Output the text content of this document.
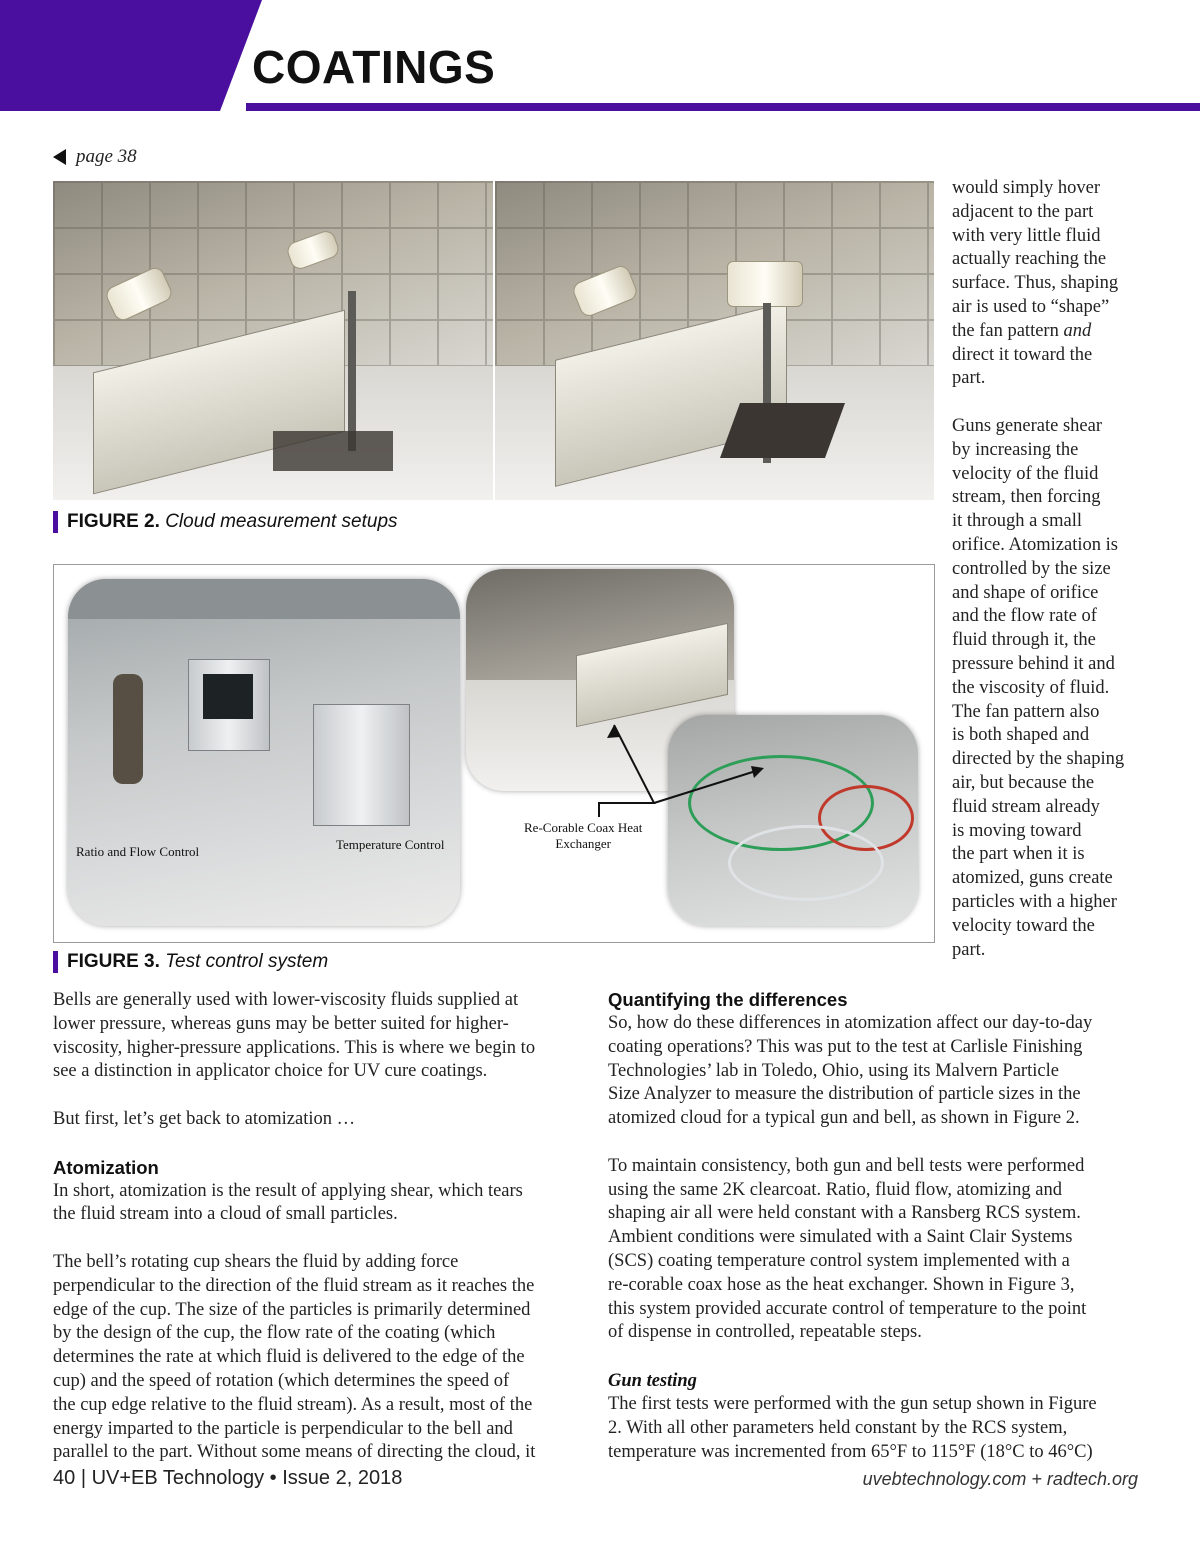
COATINGS
page 38
FIGURE 2. Cloud measurement setups
Ratio and Flow Control	Temperature Control
Re-Corable Coax Heat
Exchanger
FIGURE 3. Test control system

would simply hover
adjacent to the part
with very little fluid
actually reaching the
surface. Thus, shaping
air is used to “shape”
the fan pattern and
direct it toward the
part.

Guns generate shear
by increasing the
velocity of the fluid
stream, then forcing
it through a small
orifice. Atomization is
controlled by the size
and shape of orifice
and the flow rate of
fluid through it, the
pressure behind it and
the viscosity of fluid.
The fan pattern also
is both shaped and
directed by the shaping
air, but because the
fluid stream already
is moving toward
the part when it is
atomized, guns create
particles with a higher
velocity toward the
part.

Bells are generally used with lower-viscosity fluids supplied at
lower pressure, whereas guns may be better suited for higher-
viscosity, higher-pressure applications. This is where we begin to
see a distinction in applicator choice for UV cure coatings.

But first, let’s get back to atomization …

Atomization

In short, atomization is the result of applying shear, which tears
the fluid stream into a cloud of small particles.

The bell’s rotating cup shears the fluid by adding force
perpendicular to the direction of the fluid stream as it reaches the
edge of the cup. The size of the particles is primarily determined
by the design of the cup, the flow rate of the coating (which
determines the rate at which fluid is delivered to the edge of the
cup) and the speed of rotation (which determines the speed of
the cup edge relative to the fluid stream). As a result, most of the
energy imparted to the particle is perpendicular to the bell and
parallel to the part. Without some means of directing the cloud, it

Quantifying the differences

So, how do these differences in atomization affect our day-to-day
coating operations? This was put to the test at Carlisle Finishing
Technologies’ lab in Toledo, Ohio, using its Malvern Particle
Size Analyzer to measure the distribution of particle sizes in the
atomized cloud for a typical gun and bell, as shown in Figure 2.

To maintain consistency, both gun and bell tests were performed
using the same 2K clearcoat. Ratio, fluid flow, atomizing and
shaping air all were held constant with a Ransberg RCS system.
Ambient conditions were simulated with a Saint Clair Systems
(SCS) coating temperature control system implemented with a
re-corable coax hose as the heat exchanger. Shown in Figure 3,
this system provided accurate control of temperature to the point
of dispense in controlled, repeatable steps.

Gun testing

The first tests were performed with the gun setup shown in Figure
2. With all other parameters held constant by the RCS system,
temperature was incremented from 65°F to 115°F (18°C to 46°C)

40 | UV+EB Technology • Issue 2, 2018	uvebtechnology.com + radtech.org
